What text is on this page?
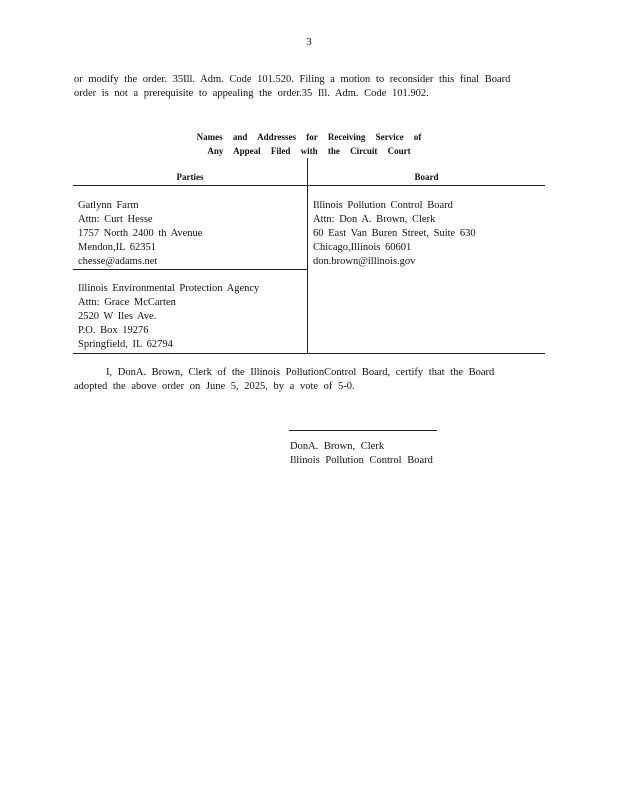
3
or modify the order. 35Ill. Adm. Code 101.520. Filing a motion to reconsider this final Board
order is not a prerequisite to appealing the order.35 Ill. Adm. Code 101.902.
Names and Addresses for Receiving Service of
Any Appeal Filed with the Circuit Court
Parties	Board
Gatlynn Farm
Attn: Curt Hesse
1757 North 2400 th Avenue
Mendon,IL 62351
chesse@adams.net
Illinois Pollution Control Board
Attn: Don A. Brown, Clerk
60 East Van Buren Street, Suite 630
Chicago,Illinois 60601
don.brown@illinois.gov
Illinois Environmental Protection Agency
Attn: Grace McCarten
2520 W Iles Ave.
P.O. Box 19276
Springfield, IL 62794
I, DonA. Brown, Clerk of the Illinois PollutionControl Board, certify that the Board
adopted the above order on June 5, 2025, by a vote of 5-0.
DonA. Brown, Clerk
Illinois Pollution Control Board
